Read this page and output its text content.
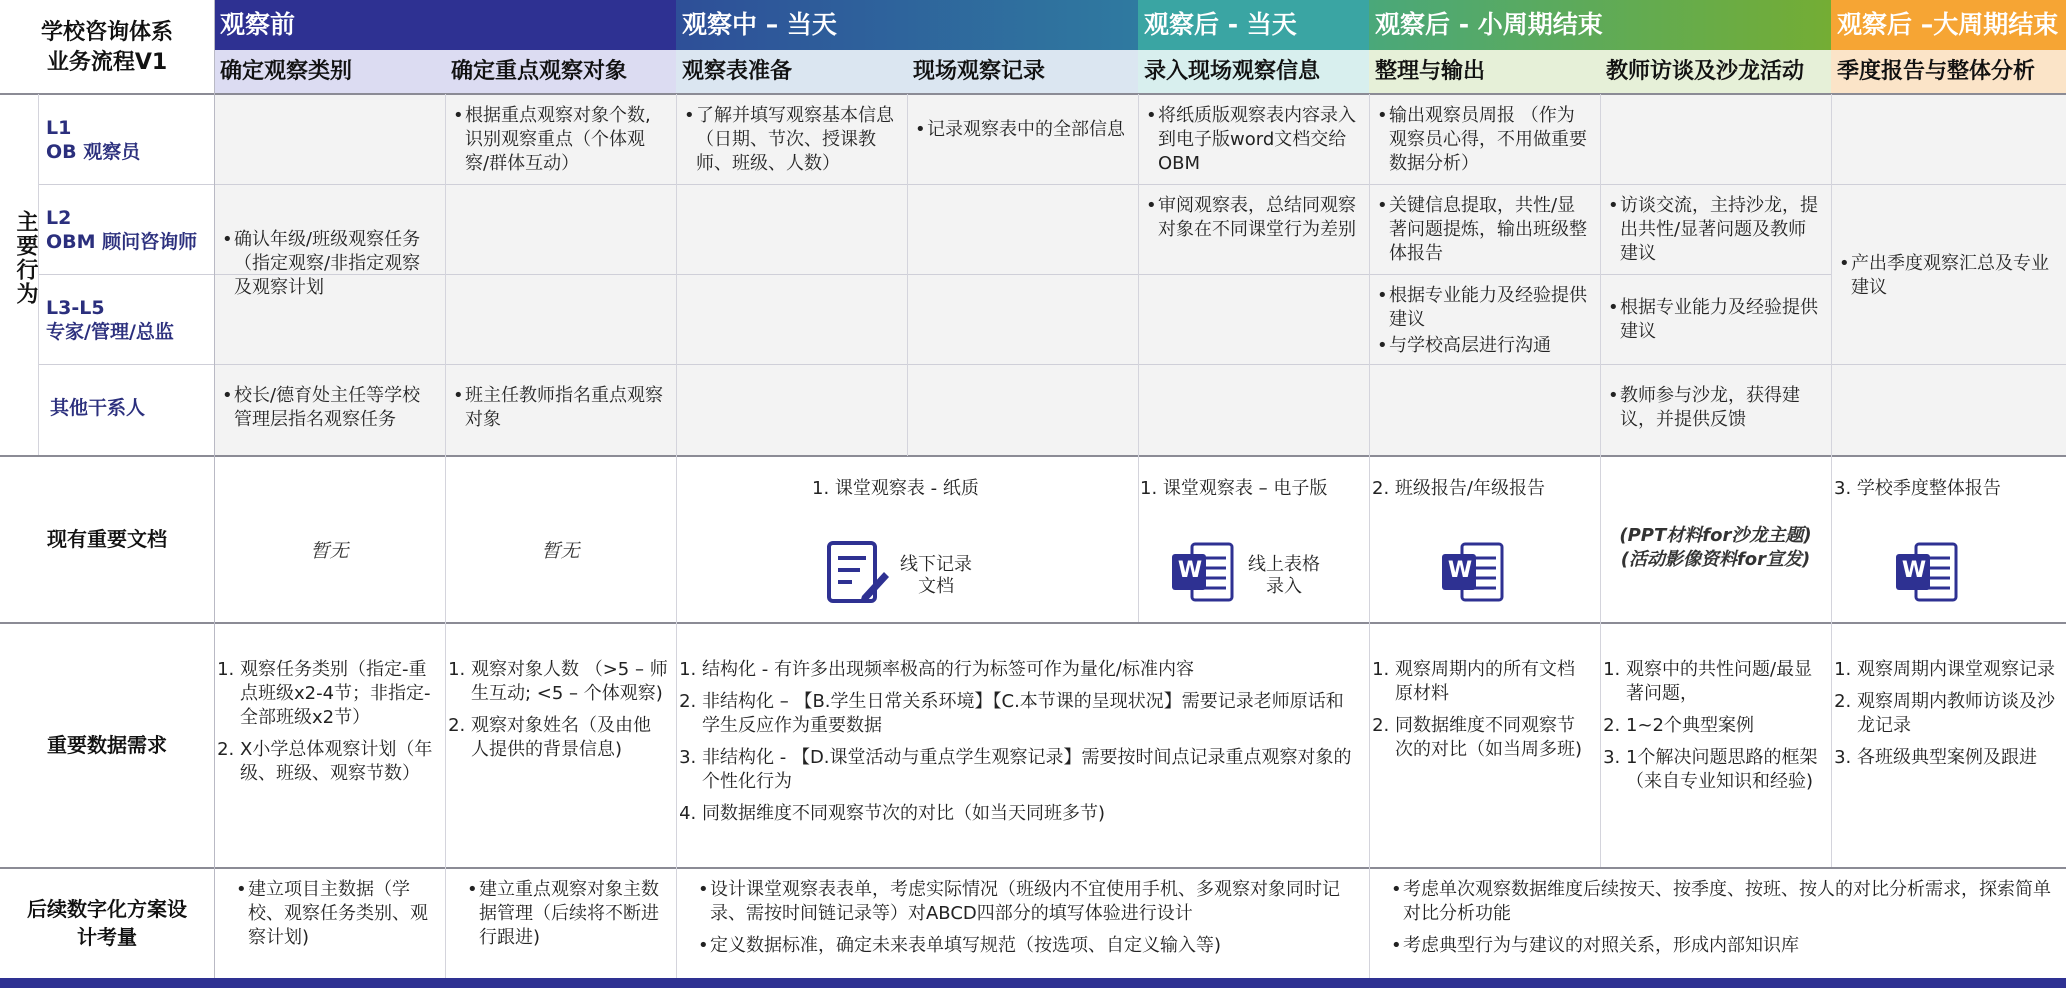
学校咨询体系
业务流程V1
观察前	观察中 – 当天	观察后 - 当天	观察后 - 小周期结束	观察后 –大周期结束
确定观察类别	确定重点观察对象	观察表准备	现场观察记录	录入现场观察信息	整理与输出	教师访谈及沙龙活动	季度报告与整体分析
主要行为
L1
OB 观察员
L2
OBM 顾问咨询师
L3-L5
专家/管理/总监
其他干系人
• 根据重点观察对象个数, 识别观察重点（个体观察/群体互动）
• 了解并填写观察基本信息（日期、节次、授课教师、班级、人数）
• 记录观察表中的全部信息
• 将纸质版观察表内容录入到电子版word文档交给OBM
• 输出观察员周报 （作为观察员心得，不用做重要数据分析）
• 确认年级/班级观察任务（指定观察/非指定观察及观察计划
• 审阅观察表，总结同观察对象在不同课堂行为差别
• 关键信息提取，共性/显著问题提炼，输出班级整体报告
• 访谈交流，主持沙龙，提出共性/显著问题及教师建议
•	产出季度观察汇总及专业建议
• 根据专业能力及经验提供建议
• 与学校高层进行沟通
• 根据专业能力及经验提供建议
• 校长/德育处主任等学校管理层指名观察任务
• 班主任教师指名重点观察对象
• 教师参与沙龙，获得建议，并提供反馈
现有重要文档	暂无	暂无
1. 课堂观察表 - 纸质
线下记录
文档
1. 课堂观察表 – 电子版
W	线上表格
录入
2. 班级报告/年级报告
W
(PPT材料for沙龙主题)
(活动影像资料for宣发)
3. 学校季度整体报告
W
重要数据需求
1. 观察任务类别（指定-重点班级x2-4节；非指定-全部班级x2节）
2. X小学总体观察计划（年级、班级、观察节数）
1. 观察对象人数 （>5 – 师生互动; <5 – 个体观察)
2. 观察对象姓名（及由他人提供的背景信息)
1. 结构化 - 有许多出现频率极高的行为标签可作为量化/标准内容
2. 非结构化 – 【B.学生日常关系环境】【C.本节课的呈现状况】需要记录老师原话和学生反应作为重要数据
3. 非结构化 - 【D.课堂活动与重点学生观察记录】需要按时间点记录重点观察对象的个性化行为
4. 同数据维度不同观察节次的对比（如当天同班多节)
1. 观察周期内的所有文档原材料
2. 同数据维度不同观察节次的对比（如当周多班)
1. 观察中的共性问题/最显著问题，
2. 1~2个典型案例
3. 1个解决问题思路的框架（来自专业知识和经验)
1. 观察周期内课堂观察记录
2. 观察周期内教师访谈及沙龙记录
3. 各班级典型案例及跟进
后续数字化方案设计考量
• 建立项目主数据（学校、观察任务类别、观察计划)
• 建立重点观察对象主数据管理（后续将不断进行跟进)
• 设计课堂观察表表单，考虑实际情况（班级内不宜使用手机、多观察对象同时记录、需按时间链记录等）对ABCD四部分的填写体验进行设计
• 定义数据标准，确定未来表单填写规范（按选项、自定义输入等)
• 考虑单次观察数据维度后续按天、按季度、按班、按人的对比分析需求，探索简单对比分析功能
• 考虑典型行为与建议的对照关系，形成内部知识库
